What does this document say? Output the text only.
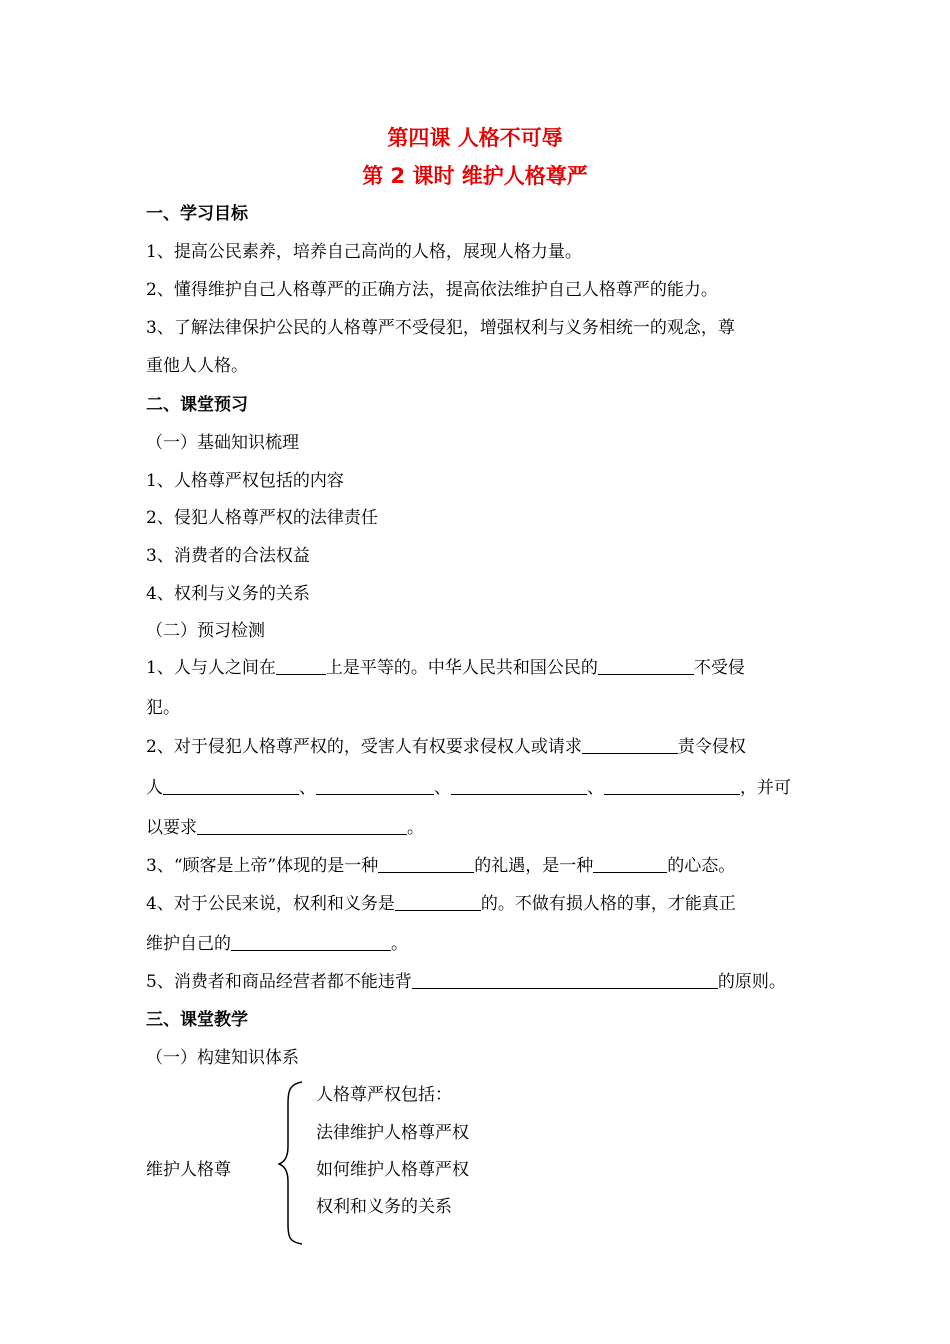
第四课 人格不可辱
第 2 课时 维护人格尊严
一、学习目标
1、提高公民素养，培养自己高尚的人格，展现人格力量。
2、懂得维护自己人格尊严的正确方法，提高依法维护自己人格尊严的能力。
3、了解法律保护公民的人格尊严不受侵犯，增强权利与义务相统一的观念，尊
重他人人格。
二、课堂预习
（一）基础知识梳理
1、人格尊严权包括的内容
2、侵犯人格尊严权的法律责任
3、消费者的合法权益
4、权利与义务的关系
（二）预习检测
1、人与人之间在	上是平等的。中华人民共和国公民的	不受侵
犯。
2、对于侵犯人格尊严权的，受害人有权要求侵权人或请求	责令侵权
人	、	、	、	，并可
以要求	。
3、“顾客是上帝”体现的是一种	的礼遇，是一种	的心态。
4、对于公民来说，权利和义务是	的。不做有损人格的事，才能真正
维护自己的	。
5、消费者和商品经营者都不能违背	的原则。
三、课堂教学
（一）构建知识体系
维护人格尊
人格尊严权包括：
法律维护人格尊严权
如何维护人格尊严权
权利和义务的关系
